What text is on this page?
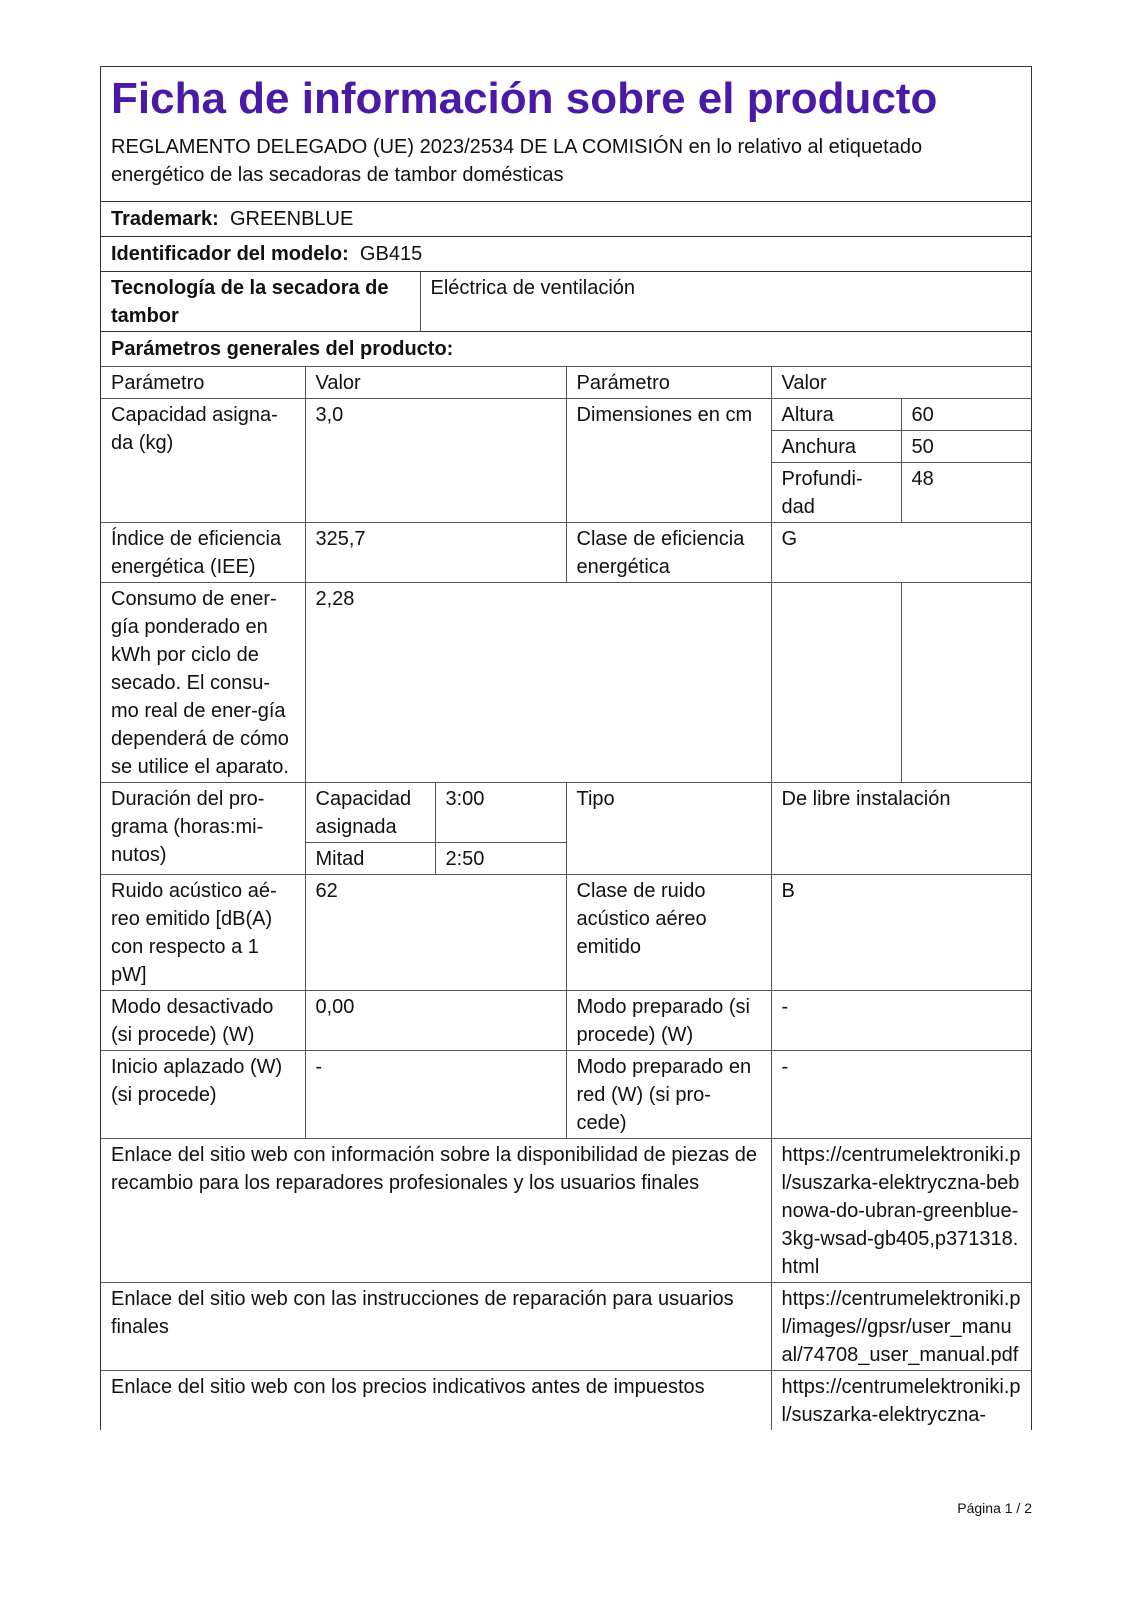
Ficha de información sobre el producto
REGLAMENTO DELEGADO (UE) 2023/2534 DE LA COMISIÓN en lo relativo al etiquetado energético de las secadoras de tambor domésticas
Trademark: GREENBLUE
Identificador del modelo: GB415
Tecnología de la secadora de tambor	Eléctrica de ventilación
Parámetros generales del producto:
Parámetro	Valor		Parámetro	Valor	
Capacidad asigna-da (kg)	3,0		Dimensiones en cm	Altura	60
				Anchura	50
				Profundi-dad	48
Índice de eficiencia energética (IEE)	325,7		Clase de eficiencia energética	G	
Consumo de ener-gía ponderado en kWh por ciclo de secado. El consu-mo real de ener-gía dependerá de cómo se utilice el aparato.	2,28				
Duración del pro-grama (horas:mi-nutos)	Capacidad asignada	3:00	Tipo	De libre instalación	
	Mitad	2:50			
Ruido acústico aé-reo emitido [dB(A) con respecto a 1 pW]	62		Clase de ruido acústico aéreo emitido	B	
Modo desactivado (si procede) (W)	0,00		Modo preparado (si procede) (W)	-	
Inicio aplazado (W) (si procede)	-		Modo preparado en red (W) (si pro-cede)	-	
Enlace del sitio web con información sobre la disponibilidad de piezas de recambio para los reparadores profesionales y los usuarios finales				https://centrumelektroniki.pl/suszarka-elektryczna-bebnowa-do-ubran-greenblue-3kg-wsad-gb405,p371318.html	
Enlace del sitio web con las instrucciones de reparación para usuarios finales				https://centrumelektroniki.pl/images//gpsr/user_manual/74708_user_manual.pdf	
Enlace del sitio web con los precios indicativos antes de impuestos				https://centrumelektroniki.pl/suszarka-elektryczna-	
Página 1 / 2
